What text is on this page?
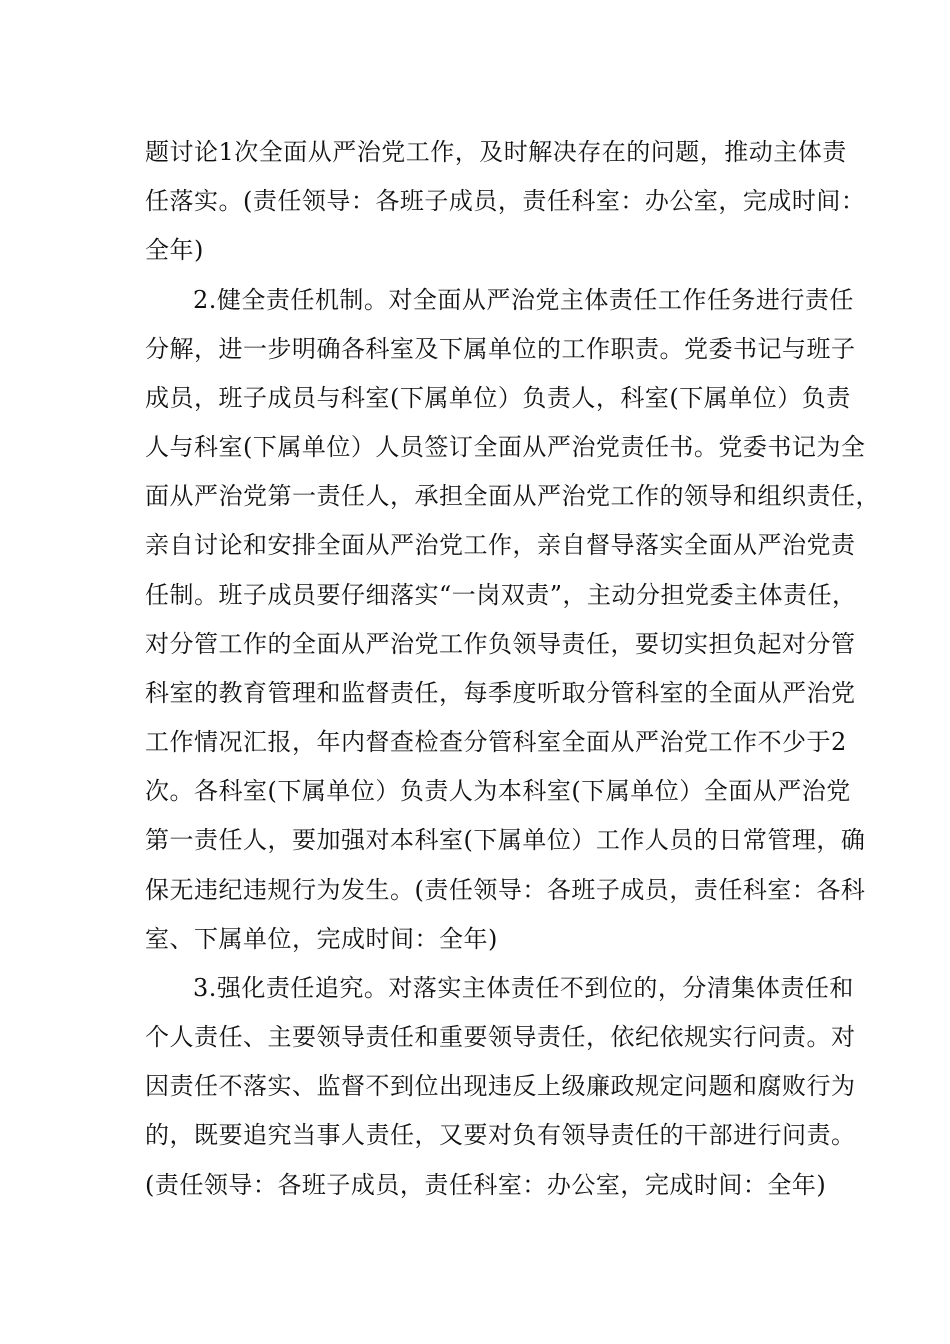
题讨论1次全面从严治党工作，及时解决存在的问题，推动主体责
任落实。(责任领导：各班子成员，责任科室：办公室，完成时间：
全年)
2.健全责任机制。对全面从严治党主体责任工作任务进行责任
分解，进一步明确各科室及下属单位的工作职责。党委书记与班子
成员，班子成员与科室(下属单位）负责人，科室(下属单位）负责
人与科室(下属单位）人员签订全面从严治党责任书。党委书记为全
面从严治党第一责任人，承担全面从严治党工作的领导和组织责任，
亲自讨论和安排全面从严治党工作，亲自督导落实全面从严治党责
任制。班子成员要仔细落实“一岗双责”，主动分担党委主体责任，
对分管工作的全面从严治党工作负领导责任，要切实担负起对分管
科室的教育管理和监督责任，每季度听取分管科室的全面从严治党
工作情况汇报，年内督查检查分管科室全面从严治党工作不少于2
次。各科室(下属单位）负责人为本科室(下属单位）全面从严治党
第一责任人，要加强对本科室(下属单位）工作人员的日常管理，确
保无违纪违规行为发生。(责任领导：各班子成员，责任科室：各科
室、下属单位，完成时间：全年)
3.强化责任追究。对落实主体责任不到位的，分清集体责任和
个人责任、主要领导责任和重要领导责任，依纪依规实行问责。对
因责任不落实、监督不到位出现违反上级廉政规定问题和腐败行为
的，既要追究当事人责任，又要对负有领导责任的干部进行问责。
(责任领导：各班子成员，责任科室：办公室，完成时间：全年)
